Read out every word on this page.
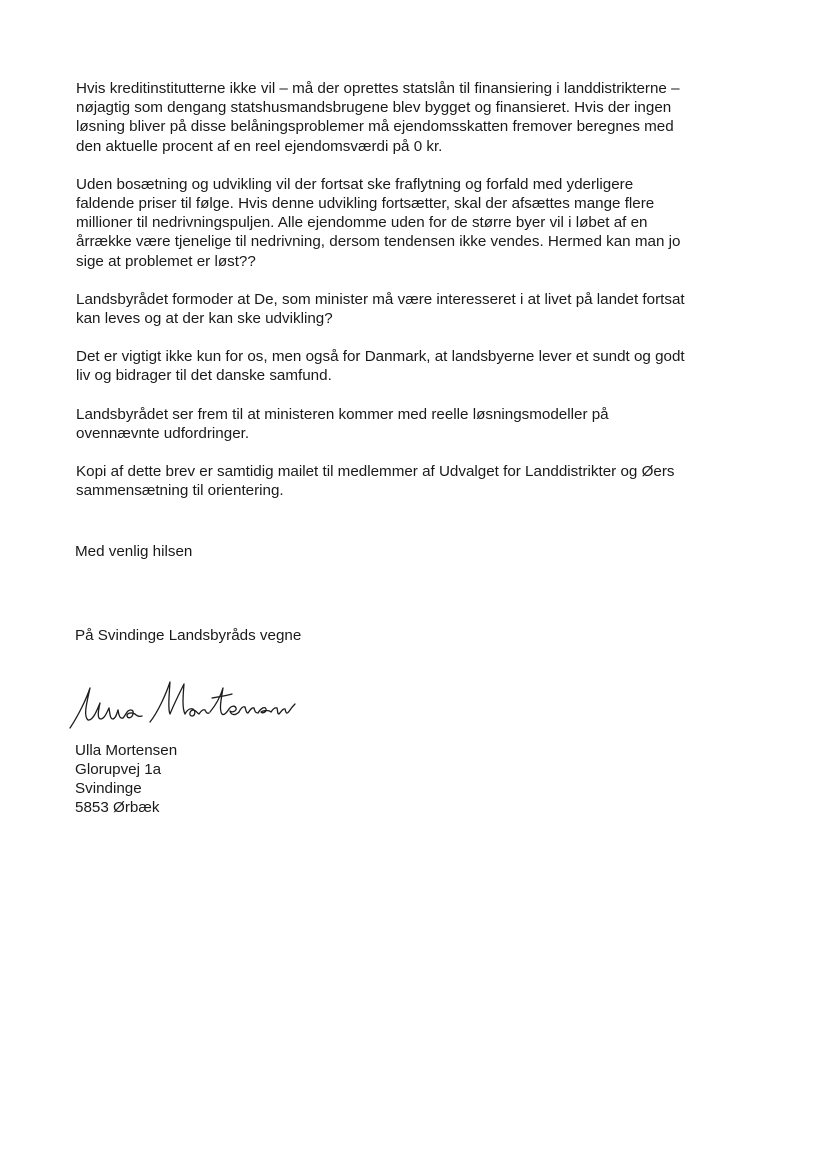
Hvis kreditinstitutterne ikke vil – må der oprettes statslån til finansiering i landdistrikterne –
nøjagtig som dengang statshusmandsbrugene blev bygget og finansieret. Hvis der ingen
løsning bliver på disse belåningsproblemer må ejendomsskatten fremover beregnes med
den aktuelle procent af en reel ejendomsværdi på 0 kr.

Uden bosætning og udvikling vil der fortsat ske fraflytning og forfald med yderligere
faldende priser til følge. Hvis denne udvikling fortsætter, skal der afsættes mange flere
millioner til nedrivningspuljen. Alle ejendomme uden for de større byer vil i løbet af en
årrække være tjenelige til nedrivning, dersom tendensen ikke vendes. Hermed kan man jo
sige at problemet er løst??

Landsbyrådet formoder at De, som minister må være interesseret i at livet på landet fortsat
kan leves og at der kan ske udvikling?

Det er vigtigt ikke kun for os, men også for Danmark, at landsbyerne lever et sundt og godt
liv og bidrager til det danske samfund.

Landsbyrådet ser frem til at ministeren kommer med reelle løsningsmodeller på
ovennævnte udfordringer.

Kopi af dette brev er samtidig mailet til medlemmer af Udvalget for Landdistrikter og Øers
sammensætning til orientering.

Med venlig hilsen
På Svindinge Landsbyråds vegne
Ulla Mortensen
Glorupvej 1a
Svindinge
5853 Ørbæk
